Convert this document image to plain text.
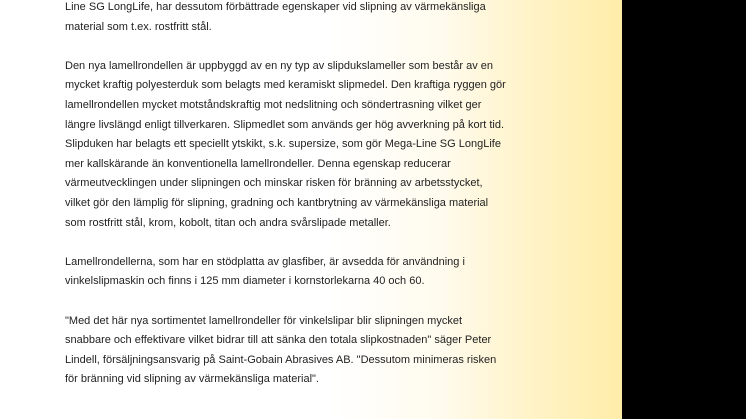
Line SG LongLife, har dessutom förbättrade egenskaper vid slipning av värmekänsliga
material som t.ex. rostfritt stål.

Den nya lamellrondellen är uppbyggd av en ny typ av slipdukslameller som består av en
mycket kraftig polyesterduk som belagts med keramiskt slipmedel. Den kraftiga ryggen gör
lamellrondellen mycket motståndskraftig mot nedslitning och söndertrasning vilket ger
längre livslängd enligt tillverkaren. Slipmedlet som används ger hög avverkning på kort tid.
Slipduken har belagts ett speciellt ytskikt, s.k. supersize, som gör Mega-Line SG LongLife
mer kallskärande än konventionella lamellrondeller. Denna egenskap reducerar
värmeutvecklingen under slipningen och minskar risken för bränning av arbetsstycket,
vilket gör den lämplig för slipning, gradning och kantbrytning av värmekänsliga material
som rostfritt stål, krom, kobolt, titan och andra svårslipade metaller.

Lamellrondellerna, som har en stödplatta av glasfiber, är avsedda för användning i
vinkelslipmaskin och finns i 125 mm diameter i kornstorlekarna 40 och 60.

"Med det här nya sortimentet lamellrondeller för vinkelslipar blir slipningen mycket
snabbare och effektivare vilket bidrar till att sänka den totala slipkostnaden" säger Peter
Lindell, försäljningsansvarig på Saint-Gobain Abrasives AB. "Dessutom minimeras risken
för bränning vid slipning av värmekänsliga material".
